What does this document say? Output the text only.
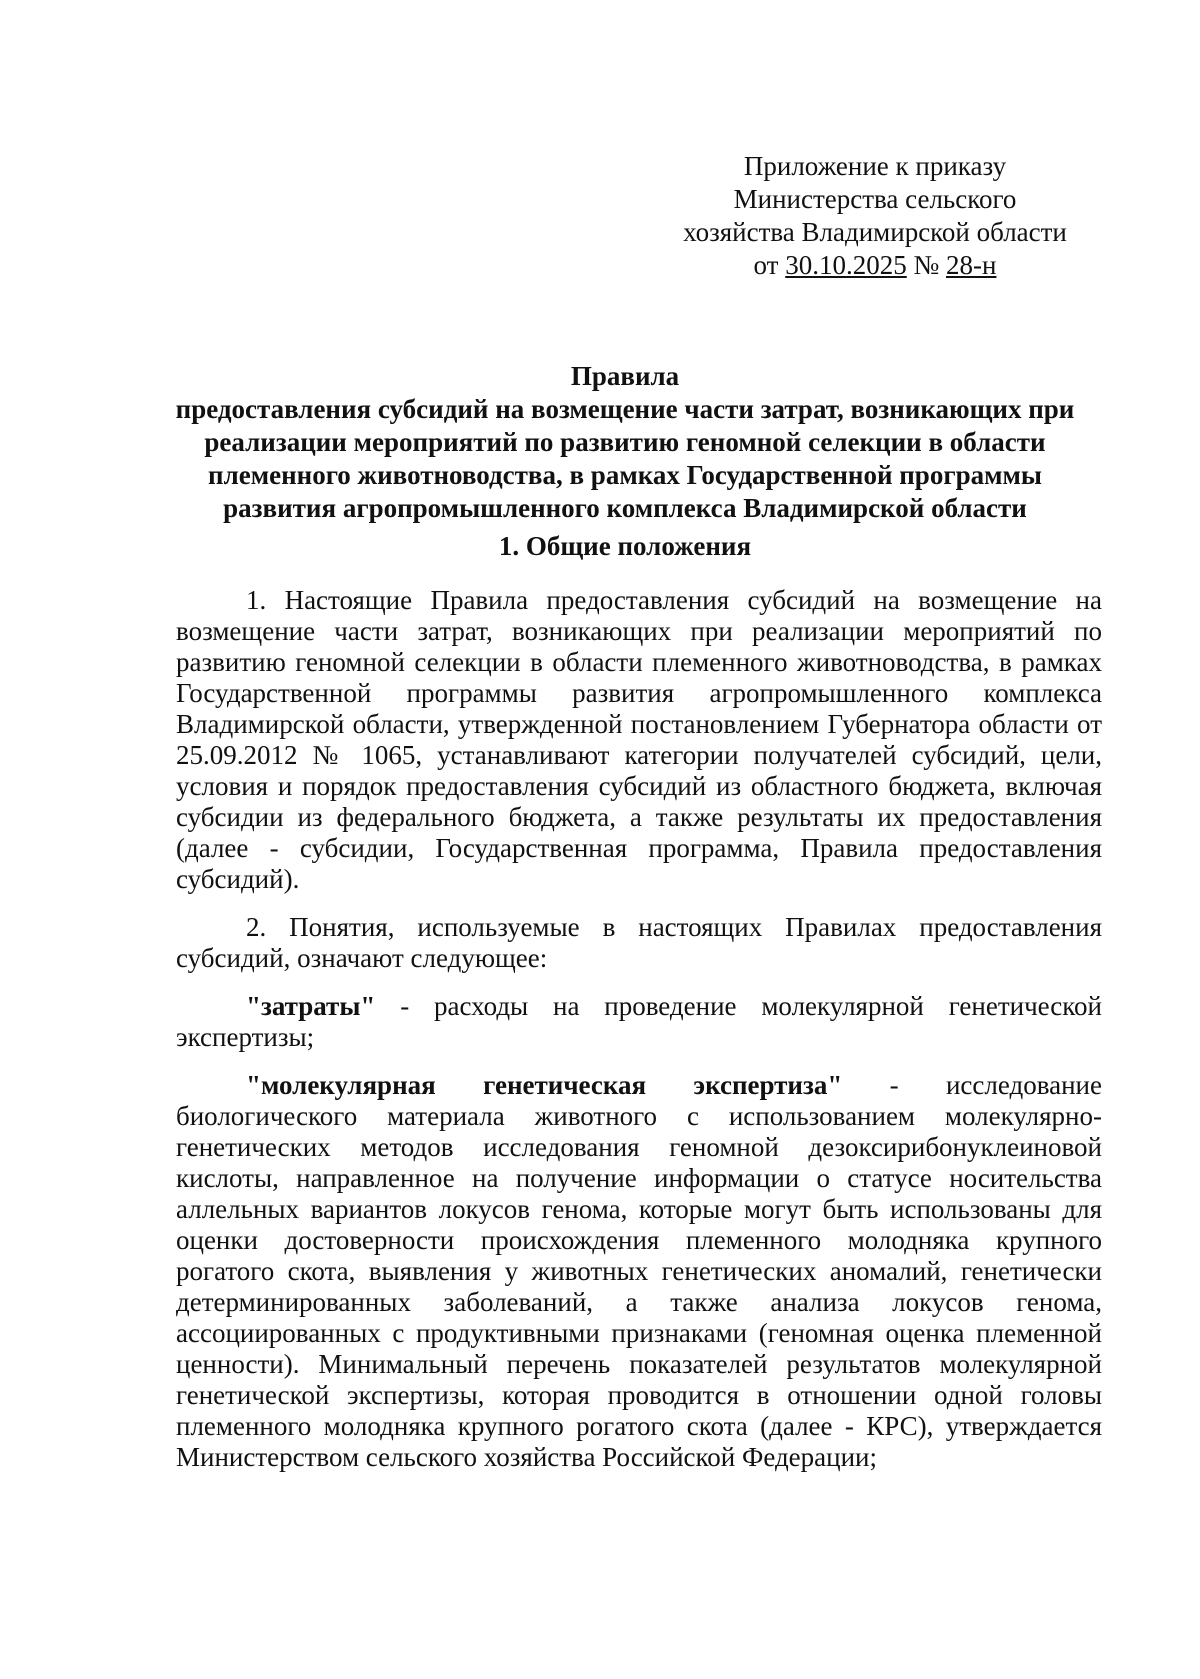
Приложение к приказу
Министерства сельского
хозяйства Владимирской области
от 30.10.2025 № 28-н
Правила
предоставления субсидий на возмещение части затрат, возникающих при
реализации мероприятий по развитию геномной селекции в области
племенного животноводства, в рамках Государственной программы
развития агропромышленного комплекса Владимирской области
1. Общие положения

1. Настоящие Правила предоставления субсидий на возмещение на возмещение части затрат, возникающих при реализации мероприятий по развитию геномной селекции в области племенного животноводства, в рамках Государственной программы развития агропромышленного комплекса Владимирской области, утвержденной постановлением Губернатора области от 25.09.2012 № 1065, устанавливают категории получателей субсидий, цели, условия и порядок предоставления субсидий из областного бюджета, включая субсидии из федерального бюджета, а также результаты их предоставления (далее - субсидии, Государственная программа, Правила предоставления субсидий).

2. Понятия, используемые в настоящих Правилах предоставления субсидий, означают следующее:

"затраты" - расходы на проведение молекулярной генетической экспертизы;

"молекулярная генетическая экспертиза" - исследование биологического материала животного с использованием молекулярно-генетических методов исследования геномной дезоксирибонуклеиновой кислоты, направленное на получение информации о статусе носительства аллельных вариантов локусов генома, которые могут быть использованы для оценки достоверности происхождения племенного молодняка крупного рогатого скота, выявления у животных генетических аномалий, генетически детерминированных заболеваний, а также анализа локусов генома, ассоциированных с продуктивными признаками (геномная оценка племенной ценности). Минимальный перечень показателей результатов молекулярной генетической экспертизы, которая проводится в отношении одной головы племенного молодняка крупного рогатого скота (далее - КРС), утверждается Министерством сельского хозяйства Российской Федерации;
